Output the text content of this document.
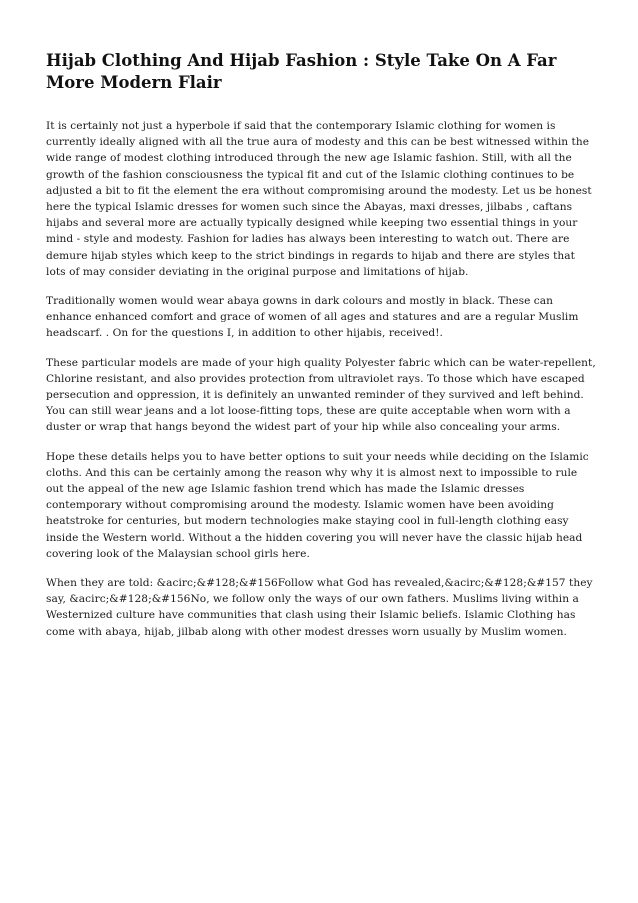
Hijab Clothing And Hijab Fashion : Style Take On A Far More Modern Flair

It is certainly not just a hyperbole if said that the contemporary Islamic clothing for women is currently ideally aligned with all the true aura of modesty and this can be best witnessed within the wide range of modest clothing introduced through the new age Islamic fashion. Still, with all the growth of the fashion consciousness the typical fit and cut of the Islamic clothing continues to be adjusted a bit to fit the element the era without compromising around the modesty. Let us be honest here the typical Islamic dresses for women such since the Abayas, maxi dresses, jilbabs , caftans hijabs and several more are actually typically designed while keeping two essential things in your mind - style and modesty. Fashion for ladies has always been interesting to watch out. There are demure hijab styles which keep to the strict bindings in regards to hijab and there are styles that lots of may consider deviating in the original purpose and limitations of hijab.

Traditionally women would wear abaya gowns in dark colours and mostly in black. These can enhance enhanced comfort and grace of women of all ages and statures and are a regular Muslim headscarf. . On for the questions I, in addition to other hijabis, received!.

These particular models are made of your high quality Polyester fabric which can be water-repellent, Chlorine resistant, and also provides protection from ultraviolet rays. To those which have escaped persecution and oppression, it is definitely an unwanted reminder of they survived and left behind. You can still wear jeans and a lot loose-fitting tops, these are quite acceptable when worn with a duster or wrap that hangs beyond the widest part of your hip while also concealing your arms.

Hope these details helps you to have better options to suit your needs while deciding on the Islamic cloths. And this can be certainly among the reason why why it is almost next to impossible to rule out the appeal of the new age Islamic fashion trend which has made the Islamic dresses contemporary without compromising around the modesty. Islamic women have been avoiding heatstroke for centuries, but modern technologies make staying cool in full-length clothing easy inside the Western world. Without a the hidden covering you will never have the classic hijab head covering look of the Malaysian school girls here.

When they are told: &acirc;&#128;&#156Follow what God has revealed,&acirc;&#128;&#157 they say, &acirc;&#128;&#156No, we follow only the ways of our own fathers. Muslims living within a Westernized culture have communities that clash using their Islamic beliefs. Islamic Clothing has come with abaya, hijab, jilbab along with other modest dresses worn usually by Muslim women.
